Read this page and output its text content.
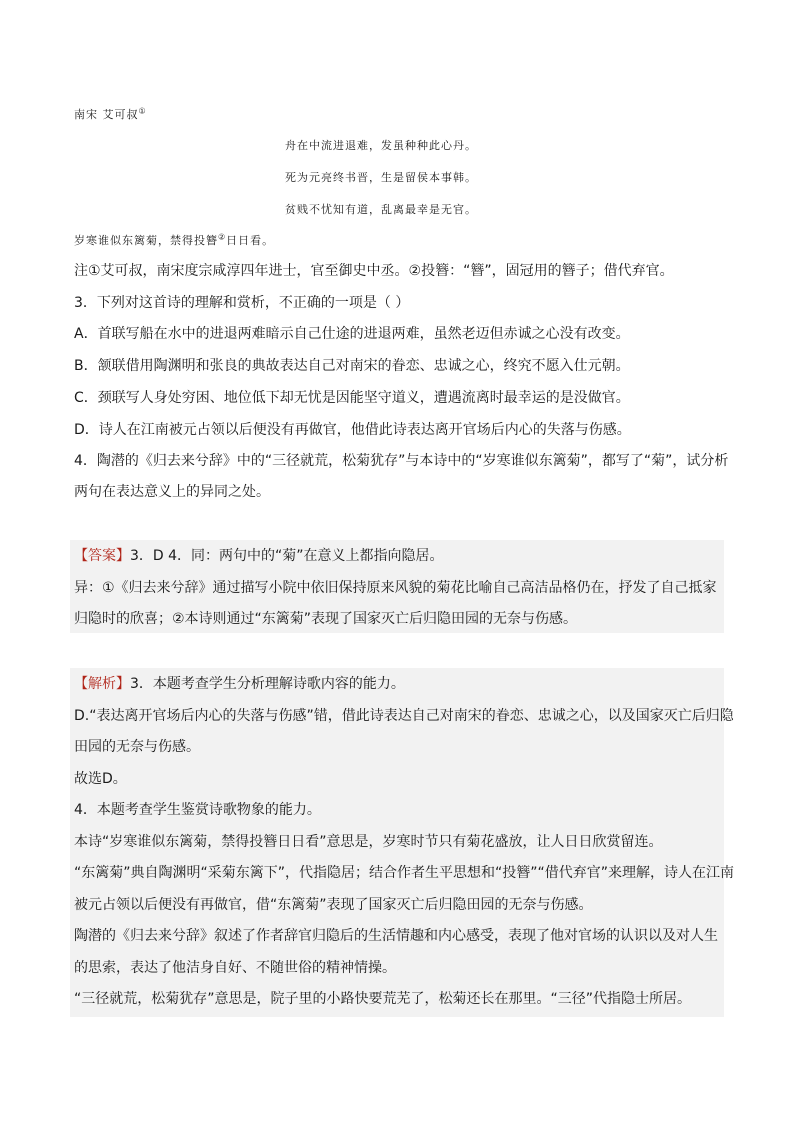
南宋 艾可叔①
舟在中流进退难，发虽种种此心丹。
死为元亮终书晋，生是留侯本事韩。
贫贱不忧知有道，乱离最幸是无官。
岁寒谁似东篱菊，禁得投簪②日日看。
注①艾可叔，南宋度宗咸淳四年进士，官至御史中丞。②投簪：“簪”，固冠用的簪子；借代弃官。
3．下列对这首诗的理解和赏析，不正确的一项是（ ）
A．首联写船在水中的进退两难暗示自己仕途的进退两难，虽然老迈但赤诚之心没有改变。
B．颔联借用陶渊明和张良的典故表达自己对南宋的眷恋、忠诚之心，终究不愿入仕元朝。
C．颈联写人身处穷困、地位低下却无忧是因能坚守道义，遭遇流离时最幸运的是没做官。
D．诗人在江南被元占领以后便没有再做官，他借此诗表达离开官场后内心的失落与伤感。
4．陶潜的《归去来兮辞》中的“三径就荒，松菊犹存”与本诗中的“岁寒谁似东篱菊”，都写了“菊”，试分析
两句在表达意义上的异同之处。
【答案】3．D 4．同：两句中的“菊”在意义上都指向隐居。
异：①《归去来兮辞》通过描写小院中依旧保持原来风貌的菊花比喻自己高洁品格仍在，抒发了自己抵家
归隐时的欣喜；②本诗则通过“东篱菊”表现了国家灭亡后归隐田园的无奈与伤感。
【解析】3．本题考查学生分析理解诗歌内容的能力。
D.“表达离开官场后内心的失落与伤感”错，借此诗表达自己对南宋的眷恋、忠诚之心，以及国家灭亡后归隐
田园的无奈与伤感。
故选D。
4．本题考查学生鉴赏诗歌物象的能力。
本诗“岁寒谁似东篱菊，禁得投簪日日看”意思是，岁寒时节只有菊花盛放，让人日日欣赏留连。
“东篱菊”典自陶渊明“采菊东篱下”，代指隐居；结合作者生平思想和“投簪”“借代弃官”来理解，诗人在江南
被元占领以后便没有再做官，借“东篱菊”表现了国家灭亡后归隐田园的无奈与伤感。
陶潜的《归去来兮辞》叙述了作者辞官归隐后的生活情趣和内心感受，表现了他对官场的认识以及对人生
的思索，表达了他洁身自好、不随世俗的精神情操。
“三径就荒，松菊犹存”意思是，院子里的小路快要荒芜了，松菊还长在那里。“三径”代指隐士所居。
